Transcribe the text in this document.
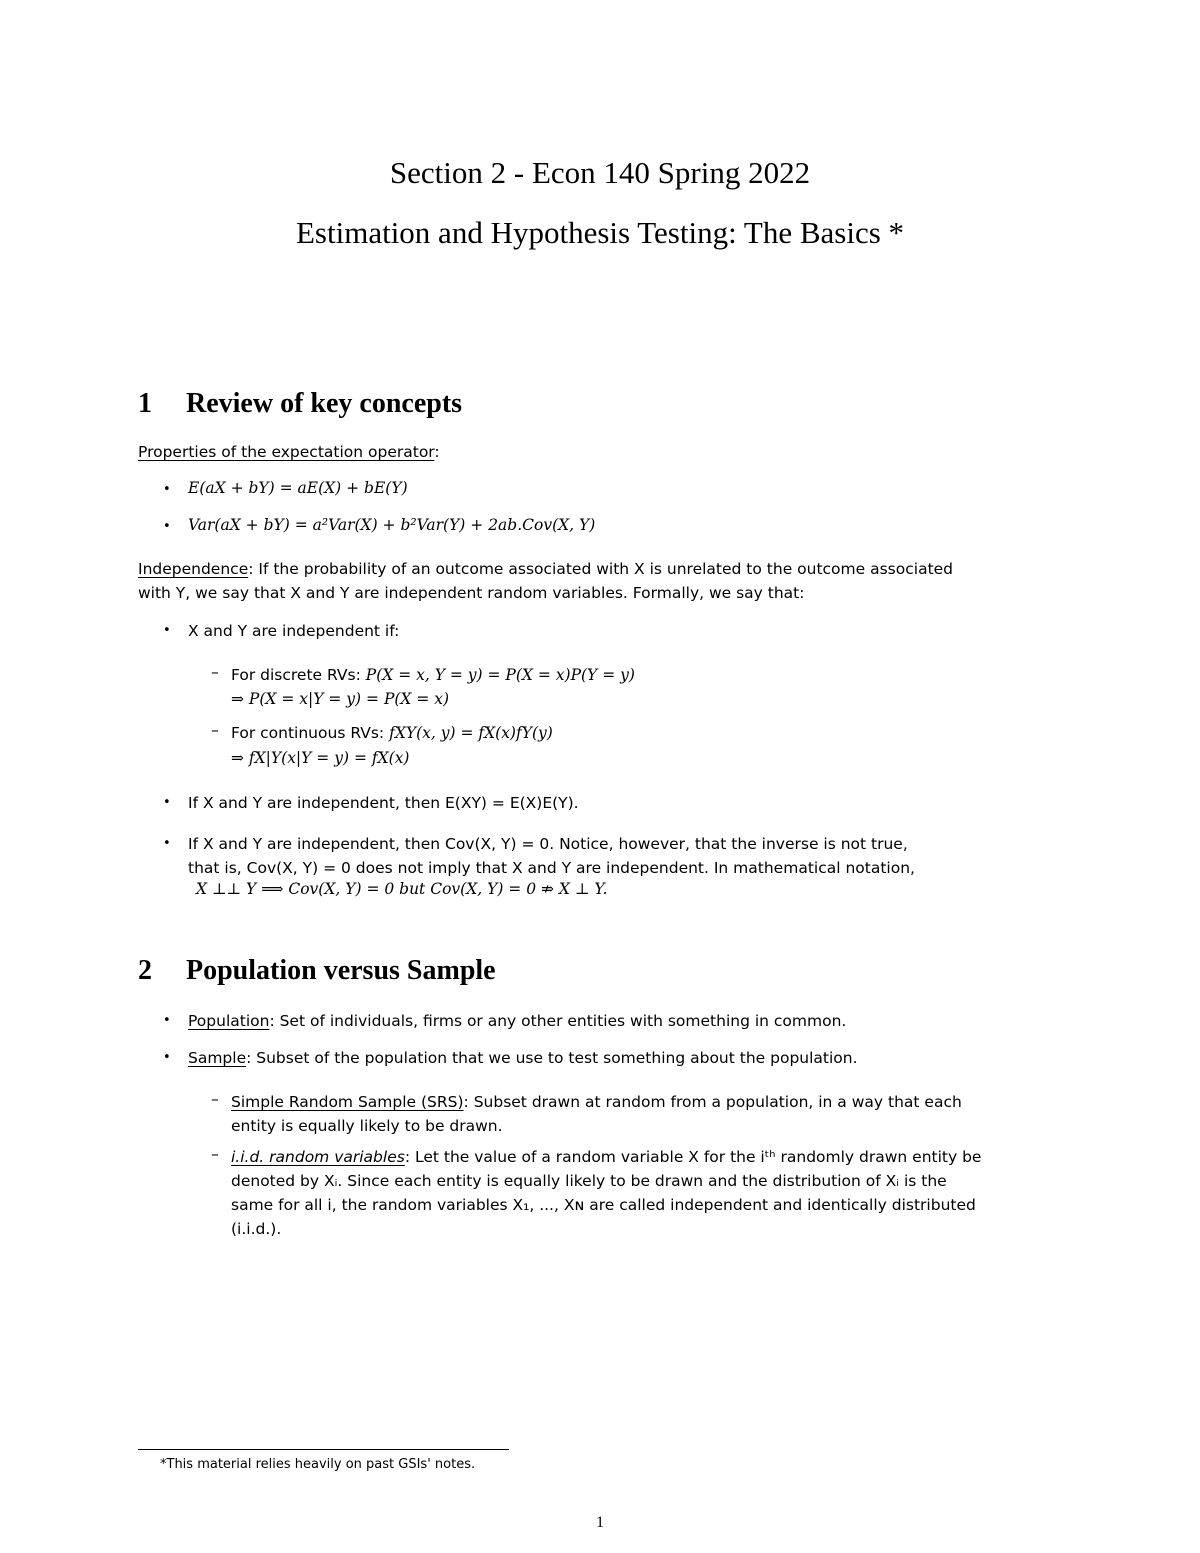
Section 2 - Econ 140 Spring 2022
Estimation and Hypothesis Testing: The Basics *
1 Review of key concepts
Properties of the expectation operator:
• E(aX + bY) = aE(X) + bE(Y)
• Var(aX + bY) = a²Var(X) + b²Var(Y) + 2ab.Cov(X, Y)
Independence: If the probability of an outcome associated with X is unrelated to the outcome associated
with Y, we say that X and Y are independent random variables. Formally, we say that:
• X and Y are independent if:
– For discrete RVs: P(X = x, Y = y) = P(X = x)P(Y = y)
⇒ P(X = x|Y = y) = P(X = x)
– For continuous RVs: fXY(x, y) = fX(x)fY(y)
⇒ fX|Y(x|Y = y) = fX(x)
• If X and Y are independent, then E(XY) = E(X)E(Y).
• If X and Y are independent, then Cov(X, Y) = 0. Notice, however, that the inverse is not true,
that is, Cov(X, Y) = 0 does not imply that X and Y are independent. In mathematical notation,
X ⊥⊥ Y ⟹ Cov(X, Y) = 0 but Cov(X, Y) = 0 ⇏ X ⊥ Y.
2 Population versus Sample
• Population: Set of individuals, firms or any other entities with something in common.
• Sample: Subset of the population that we use to test something about the population.
– Simple Random Sample (SRS): Subset drawn at random from a population, in a way that each
entity is equally likely to be drawn.
– i.i.d. random variables: Let the value of a random variable X for the iᵗʰ randomly drawn entity be
denoted by Xᵢ. Since each entity is equally likely to be drawn and the distribution of Xᵢ is the
same for all i, the random variables X₁, ..., Xɴ are called independent and identically distributed
(i.i.d.).
*This material relies heavily on past GSIs' notes.
1
